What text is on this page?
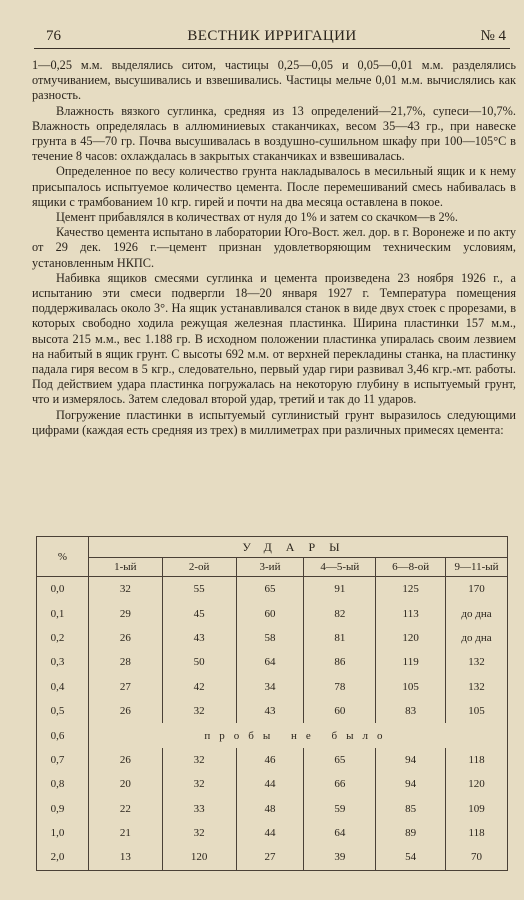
76	ВЕСТНИК ИРРИГАЦИИ	№ 4

1—0,25 м.м. выделялись ситом, частицы 0,25—0,05 и 0,05—0,01 м.м. разделялись отмучиванием, высушивались и взвешивались. Частицы мельче 0,01 м.м. вычислялись как разность.

Влажность вязкого суглинка, средняя из 13 определений—21,7%, супеси—10,7%. Влажность определялась в аллюминиевых стаканчиках, весом 35—43 гр., при навеске грунта в 45—70 гр. Почва высушивалась в воздушно-сушильном шкафу при 100—105°С в течение 8 часов: охлаждалась в закрытых стаканчиках и взвешивалась.

Определенное по весу количество грунта накладывалось в месильный ящик и к нему присыпалось испытуемое количество цемента. После перемешиваний смесь набивалась в ящики с трамбованием 10 кгр. гирей и почти на два месяца оставлена в покое.

Цемент прибавлялся в количествах от нуля до 1% и затем со скачком—в 2%.

Качество цемента испытано в лаборатории Юго-Вост. жел. дор. в г. Воронеже и по акту от 29 дек. 1926 г.—цемент признан удовлетворяющим техническим условиям, установленным НКПС.

Набивка ящиков смесями суглинка и цемента произведена 23 ноября 1926 г., а испытанию эти смеси подвергли 18—20 января 1927 г. Температура помещения поддерживалась около 3°. На ящик устанавливался станок в виде двух стоек с прорезами, в которых свободно ходила режущая железная пластинка. Ширина пластинки 157 м.м., высота 215 м.м., вес 1.188 гр. В исходном положении пластинка упиралась своим лезвием на набитый в ящик грунт. С высоты 692 м.м. от верхней перекладины станка, на пластинку падала гиря весом в 5 кгр., следовательно, первый удар гири развивал 3,46 кгр.-мт. работы. Под действием удара пластинка погружалась на некоторую глубину в испытуемый грунт, что и измерялось. Затем следовал второй удар, третий и так до 11 ударов.

Погружение пластинки в испытуемый суглинистый грунт выразилось следующими цифрами (каждая есть средняя из трех) в миллиметрах при различных примесях цемента:

%	УДАРЫ					
	1-ый	2-ой	3-ий	4—5-ый	6—8-ой	9—11-ый
0,0	32	55	65	91	125	170
0,1	29	45	60	82	113	до дна
0,2	26	43	58	81	120	до дна
0,3	28	50	64	86	119	132
0,4	27	42	34	78	105	132
0,5	26	32	43	60	83	105
0,6	пробы не было					
0,7	26	32	46	65	94	118
0,8	20	32	44	66	94	120
0,9	22	33	48	59	85	109
1,0	21	32	44	64	89	118
2,0	13	120	27	39	54	70
